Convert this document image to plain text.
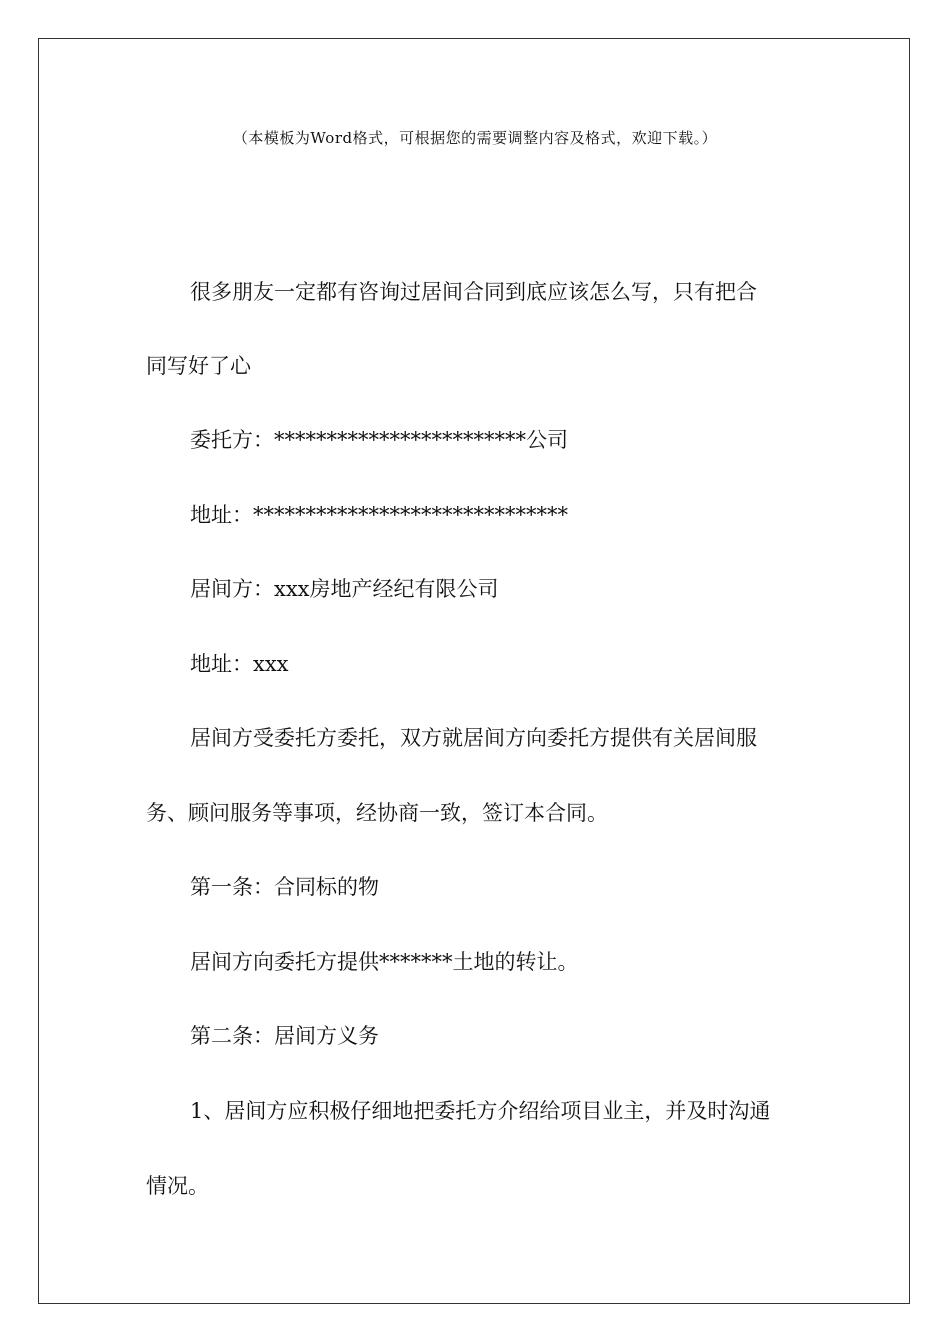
（本模板为Word格式，可根据您的需要调整内容及格式，欢迎下载。）
很多朋友一定都有咨询过居间合同到底应该怎么写，只有把合
同写好了心
委托方：************************公司
地址：******************************
居间方：xxx房地产经纪有限公司
地址：xxx
居间方受委托方委托，双方就居间方向委托方提供有关居间服
务、顾问服务等事项，经协商一致，签订本合同。
第一条：合同标的物
居间方向委托方提供*******土地的转让。
第二条：居间方义务
1、居间方应积极仔细地把委托方介绍给项目业主，并及时沟通
情况。
